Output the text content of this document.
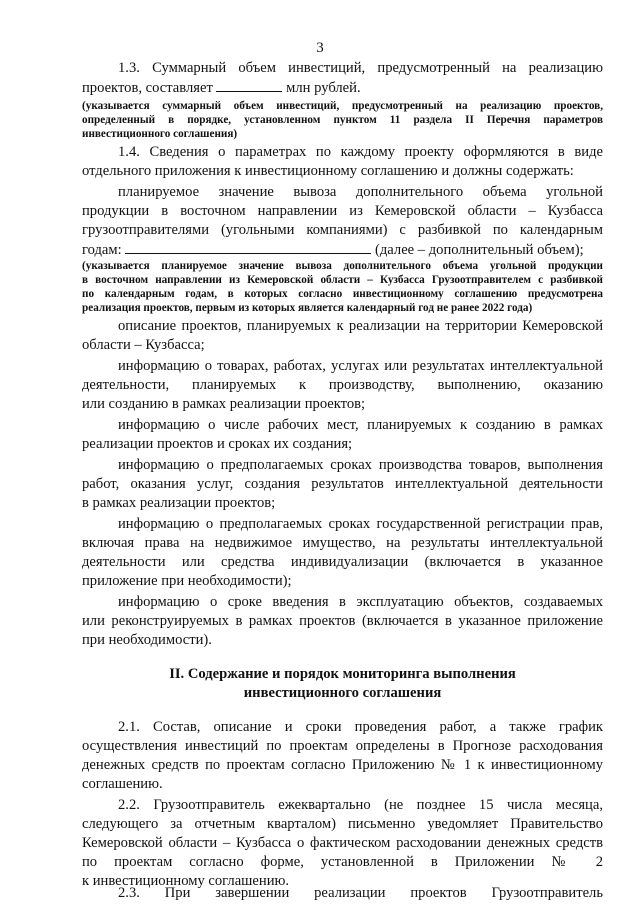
3

1.3. Суммарный объем инвестиций, предусмотренный на реализацию

проектов, составляет	млн рублей.

(указывается суммарный объем инвестиций, предусмотренный на реализацию проектов,

определенный в порядке, установленном пунктом 11 раздела II Перечня параметров

инвестиционного соглашения)

1.4. Сведения о параметрах по каждому проекту оформляются в виде

отдельного приложения к инвестиционному соглашению и должны содержать:

планируемое значение вывоза дополнительного объема угольной

продукции в восточном направлении из Кемеровской области – Кузбасса

грузоотправителями (угольными компаниями) с разбивкой по календарным

годам:	(далее – дополнительный объем);

(указывается планируемое значение вывоза дополнительного объема угольной продукции

в восточном направлении из Кемеровской области – Кузбасса Грузоотправителем с разбивкой

по календарным годам, в которых согласно инвестиционному соглашению предусмотрена

реализация проектов, первым из которых является календарный год не ранее 2022 года)

описание проектов, планируемых к реализации на территории Кемеровской

области – Кузбасса;

информацию о товарах, работах, услугах или результатах интеллектуальной

деятельности, планируемых к производству, выполнению, оказанию

или созданию в рамках реализации проектов;

информацию о числе рабочих мест, планируемых к созданию в рамках

реализации проектов и сроках их создания;

информацию о предполагаемых сроках производства товаров, выполнения

работ, оказания услуг, создания результатов интеллектуальной деятельности

в рамках реализации проектов;

информацию о предполагаемых сроках государственной регистрации прав,

включая права на недвижимое имущество, на результаты интеллектуальной

деятельности или средства индивидуализации (включается в указанное

приложение при необходимости);

информацию о сроке введения в эксплуатацию объектов, создаваемых

или реконструируемых в рамках проектов (включается в указанное приложение

при необходимости).

II. Содержание и порядок мониторинга выполнения

инвестиционного соглашения

2.1. Состав, описание и сроки проведения работ, а также график

осуществления инвестиций по проектам определены в Прогнозе расходования

денежных средств по проектам согласно Приложению № 1 к инвестиционному

соглашению.

2.2. Грузоотправитель ежеквартально (не позднее 15 числа месяца,

следующего за отчетным кварталом) письменно уведомляет Правительство

Кемеровской области – Кузбасса о фактическом расходовании денежных средств

по проектам согласно форме, установленной в Приложении № 2

к инвестиционному соглашению.

2.3. При завершении реализации проектов Грузоотправитель
